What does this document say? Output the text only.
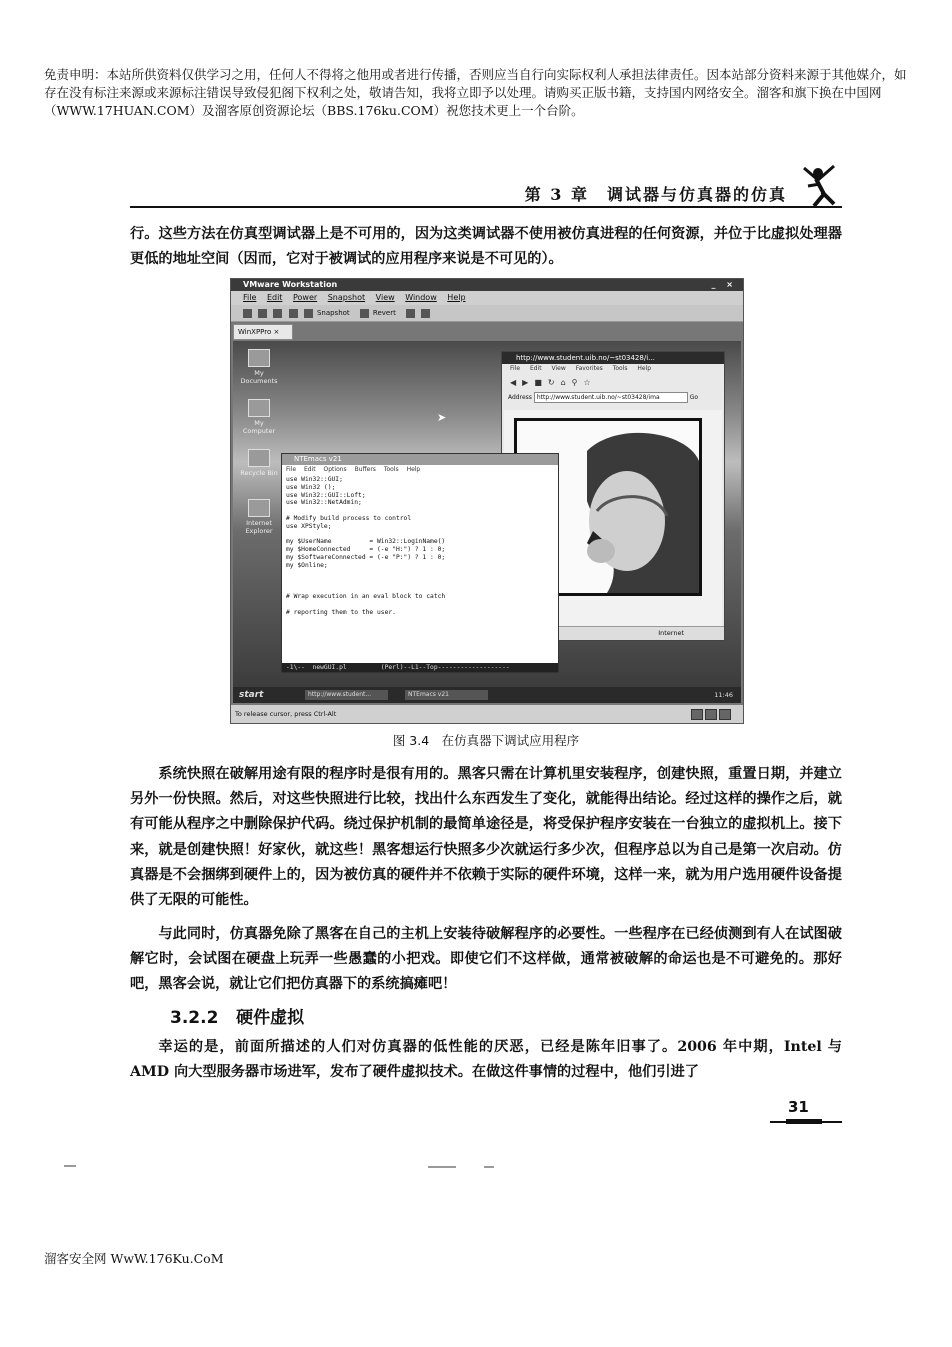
免责申明：本站所供资料仅供学习之用，任何人不得将之他用或者进行传播，否则应当自行向实际权利人承担法律责任。因本站部分资料来源于其他媒介，如存在没有标注来源或来源标注错误导致侵犯阁下权利之处，敬请告知，我将立即予以处理。请购买正版书籍，支持国内网络安全。溜客和旗下换在中国网（WWW.17HUAN.COM）及溜客原创资源论坛（BBS.176ku.COM）祝您技术更上一个台阶。
第 3 章　调试器与仿真器的仿真
行。这些方法在仿真型调试器上是不可用的，因为这类调试器不使用被仿真进程的任何资源，并位于比虚拟处理器更低的地址空间（因而，它对于被调试的应用程序来说是不可见的）。
VMware Workstation	_ ×
File Edit Power Snapshot View Window Help
Snapshot	Revert
WinXPPro ×
My Documents
My Computer
Recycle Bin
Internet Explorer
➤
http://www.student.uib.no/~st03428/i...
File Edit View Favorites Tools Help
◀▶■↻⌂⚲☆
Address http://www.student.uib.no/~st03428/ima	Go
Internet
NTEmacs v21
File Edit Options Buffers Tools Help
use Win32::GUI;
use Win32 ();
use Win32::GUI::Loft;
use Win32::NetAdmin;

# Modify build process to control
use XPStyle;

my $UserName          = Win32::LoginName()
my $HomeConnected     = (-e "H:") ? 1 : 0;
my $SoftwareConnected = (-e "P:") ? 1 : 0;
my $Online;

# Wrap execution in an eval block to catch

# reporting them to the user.
-1\--  newGUI.pl         (Perl)--L1--Top-------------------
start	http://www.student...	NTEmacs v21	11:46
To release cursor, press Ctrl-Alt
图 3.4　在仿真器下调试应用程序
系统快照在破解用途有限的程序时是很有用的。黑客只需在计算机里安装程序，创建快照，重置日期，并建立另外一份快照。然后，对这些快照进行比较，找出什么东西发生了变化，就能得出结论。经过这样的操作之后，就有可能从程序之中删除保护代码。绕过保护机制的最简单途径是，将受保护程序安装在一台独立的虚拟机上。接下来，就是创建快照！好家伙，就这些！黑客想运行快照多少次就运行多少次，但程序总以为自己是第一次启动。仿真器是不会捆绑到硬件上的，因为被仿真的硬件并不依赖于实际的硬件环境，这样一来，就为用户选用硬件设备提供了无限的可能性。
与此同时，仿真器免除了黑客在自己的主机上安装待破解程序的必要性。一些程序在已经侦测到有人在试图破解它时，会试图在硬盘上玩弄一些愚蠢的小把戏。即使它们不这样做，通常被破解的命运也是不可避免的。那好吧，黑客会说，就让它们把仿真器下的系统搞瘫吧！
3.2.2 硬件虚拟
幸运的是，前面所描述的人们对仿真器的低性能的厌恶，已经是陈年旧事了。2006 年中期，Intel 与 AMD 向大型服务器市场进军，发布了硬件虚拟技术。在做这件事情的过程中，他们引进了
31
溜客安全网 WwW.176Ku.CoM
